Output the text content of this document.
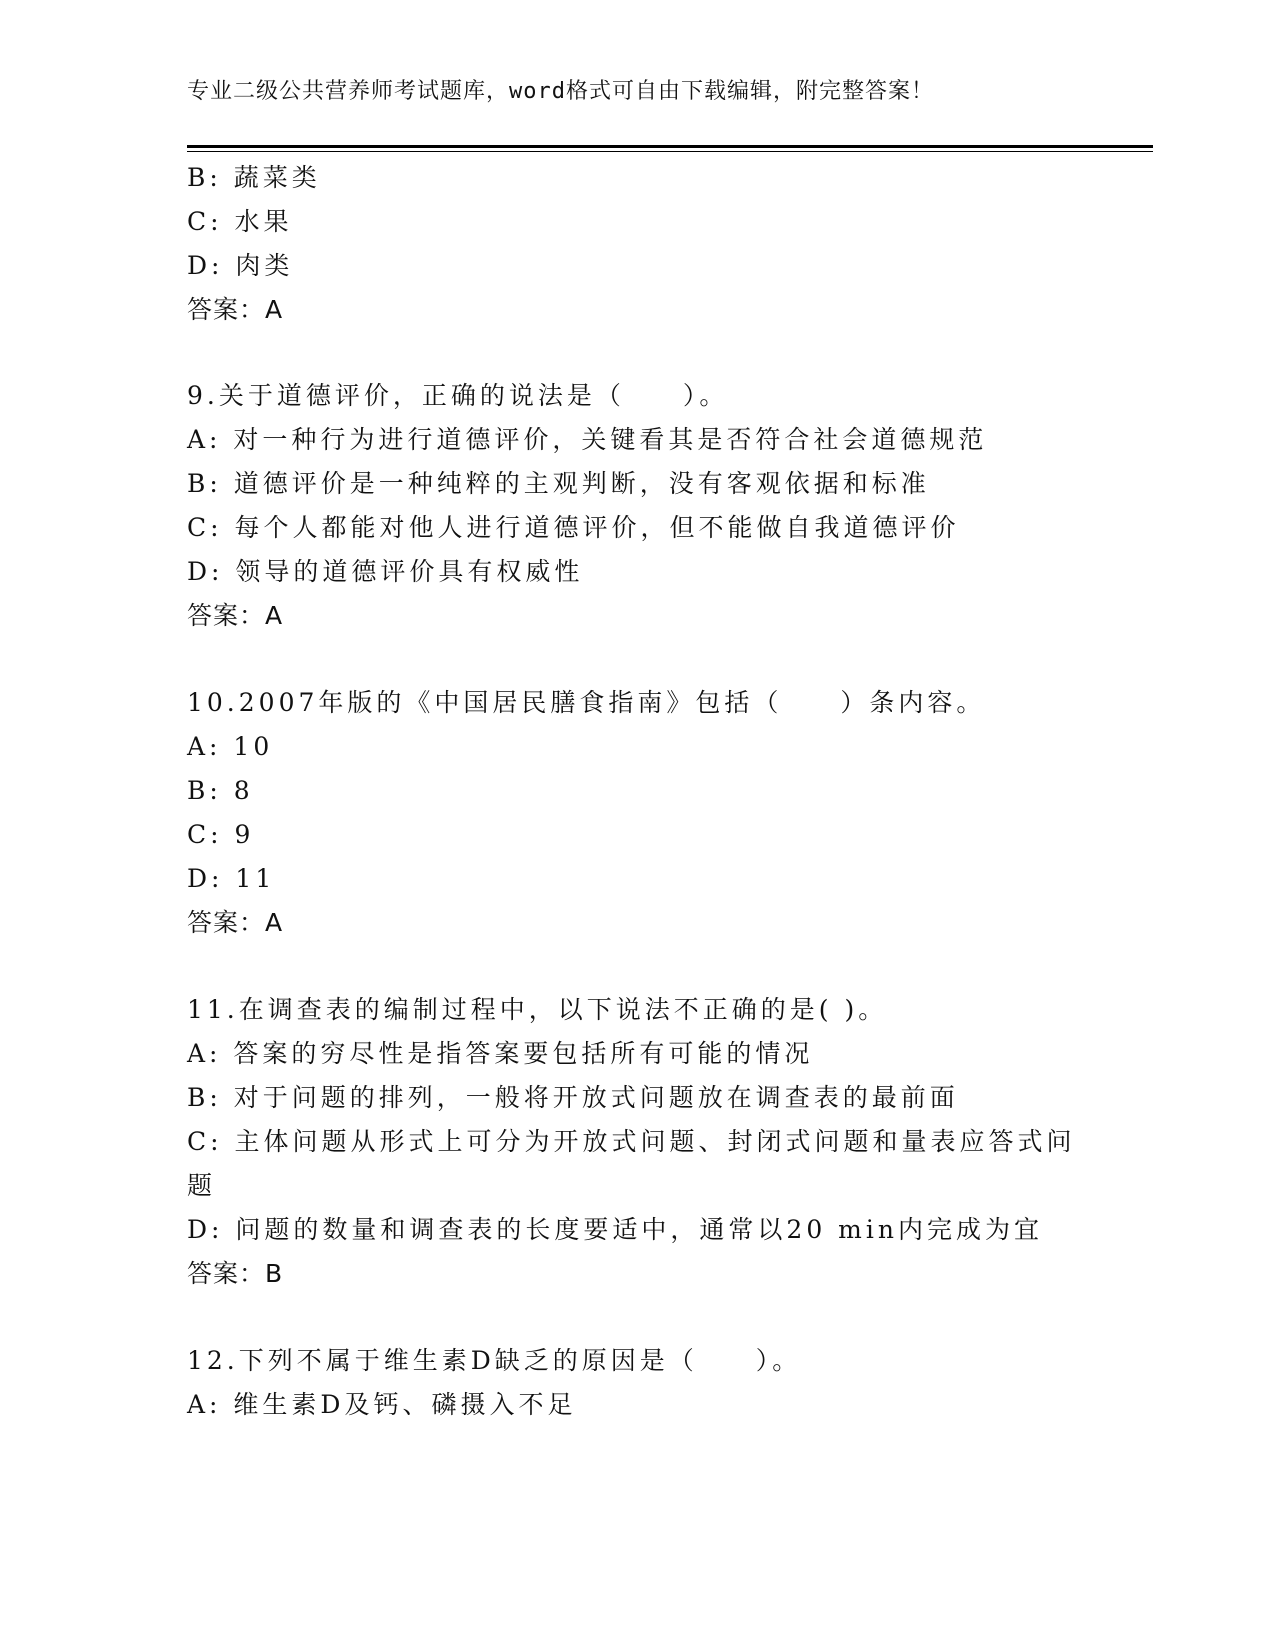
专业二级公共营养师考试题库，word格式可自由下载编辑，附完整答案！
B: 蔬菜类
C: 水果
D: 肉类
答案：A
9.关于道德评价，正确的说法是（　　）。
A: 对一种行为进行道德评价，关键看其是否符合社会道德规范
B: 道德评价是一种纯粹的主观判断，没有客观依据和标准
C: 每个人都能对他人进行道德评价，但不能做自我道德评价
D: 领导的道德评价具有权威性
答案：A
10.2007年版的《中国居民膳食指南》包括（　　）条内容。
A: 10
B: 8
C: 9
D: 11
答案：A
11.在调查表的编制过程中，以下说法不正确的是( )。
A: 答案的穷尽性是指答案要包括所有可能的情况
B: 对于问题的排列，一般将开放式问题放在调查表的最前面
C: 主体问题从形式上可分为开放式问题、封闭式问题和量表应答式问
题
D: 问题的数量和调查表的长度要适中，通常以20 min内完成为宜
答案：B
12.下列不属于维生素D缺乏的原因是（　　）。
A: 维生素D及钙、磷摄入不足
